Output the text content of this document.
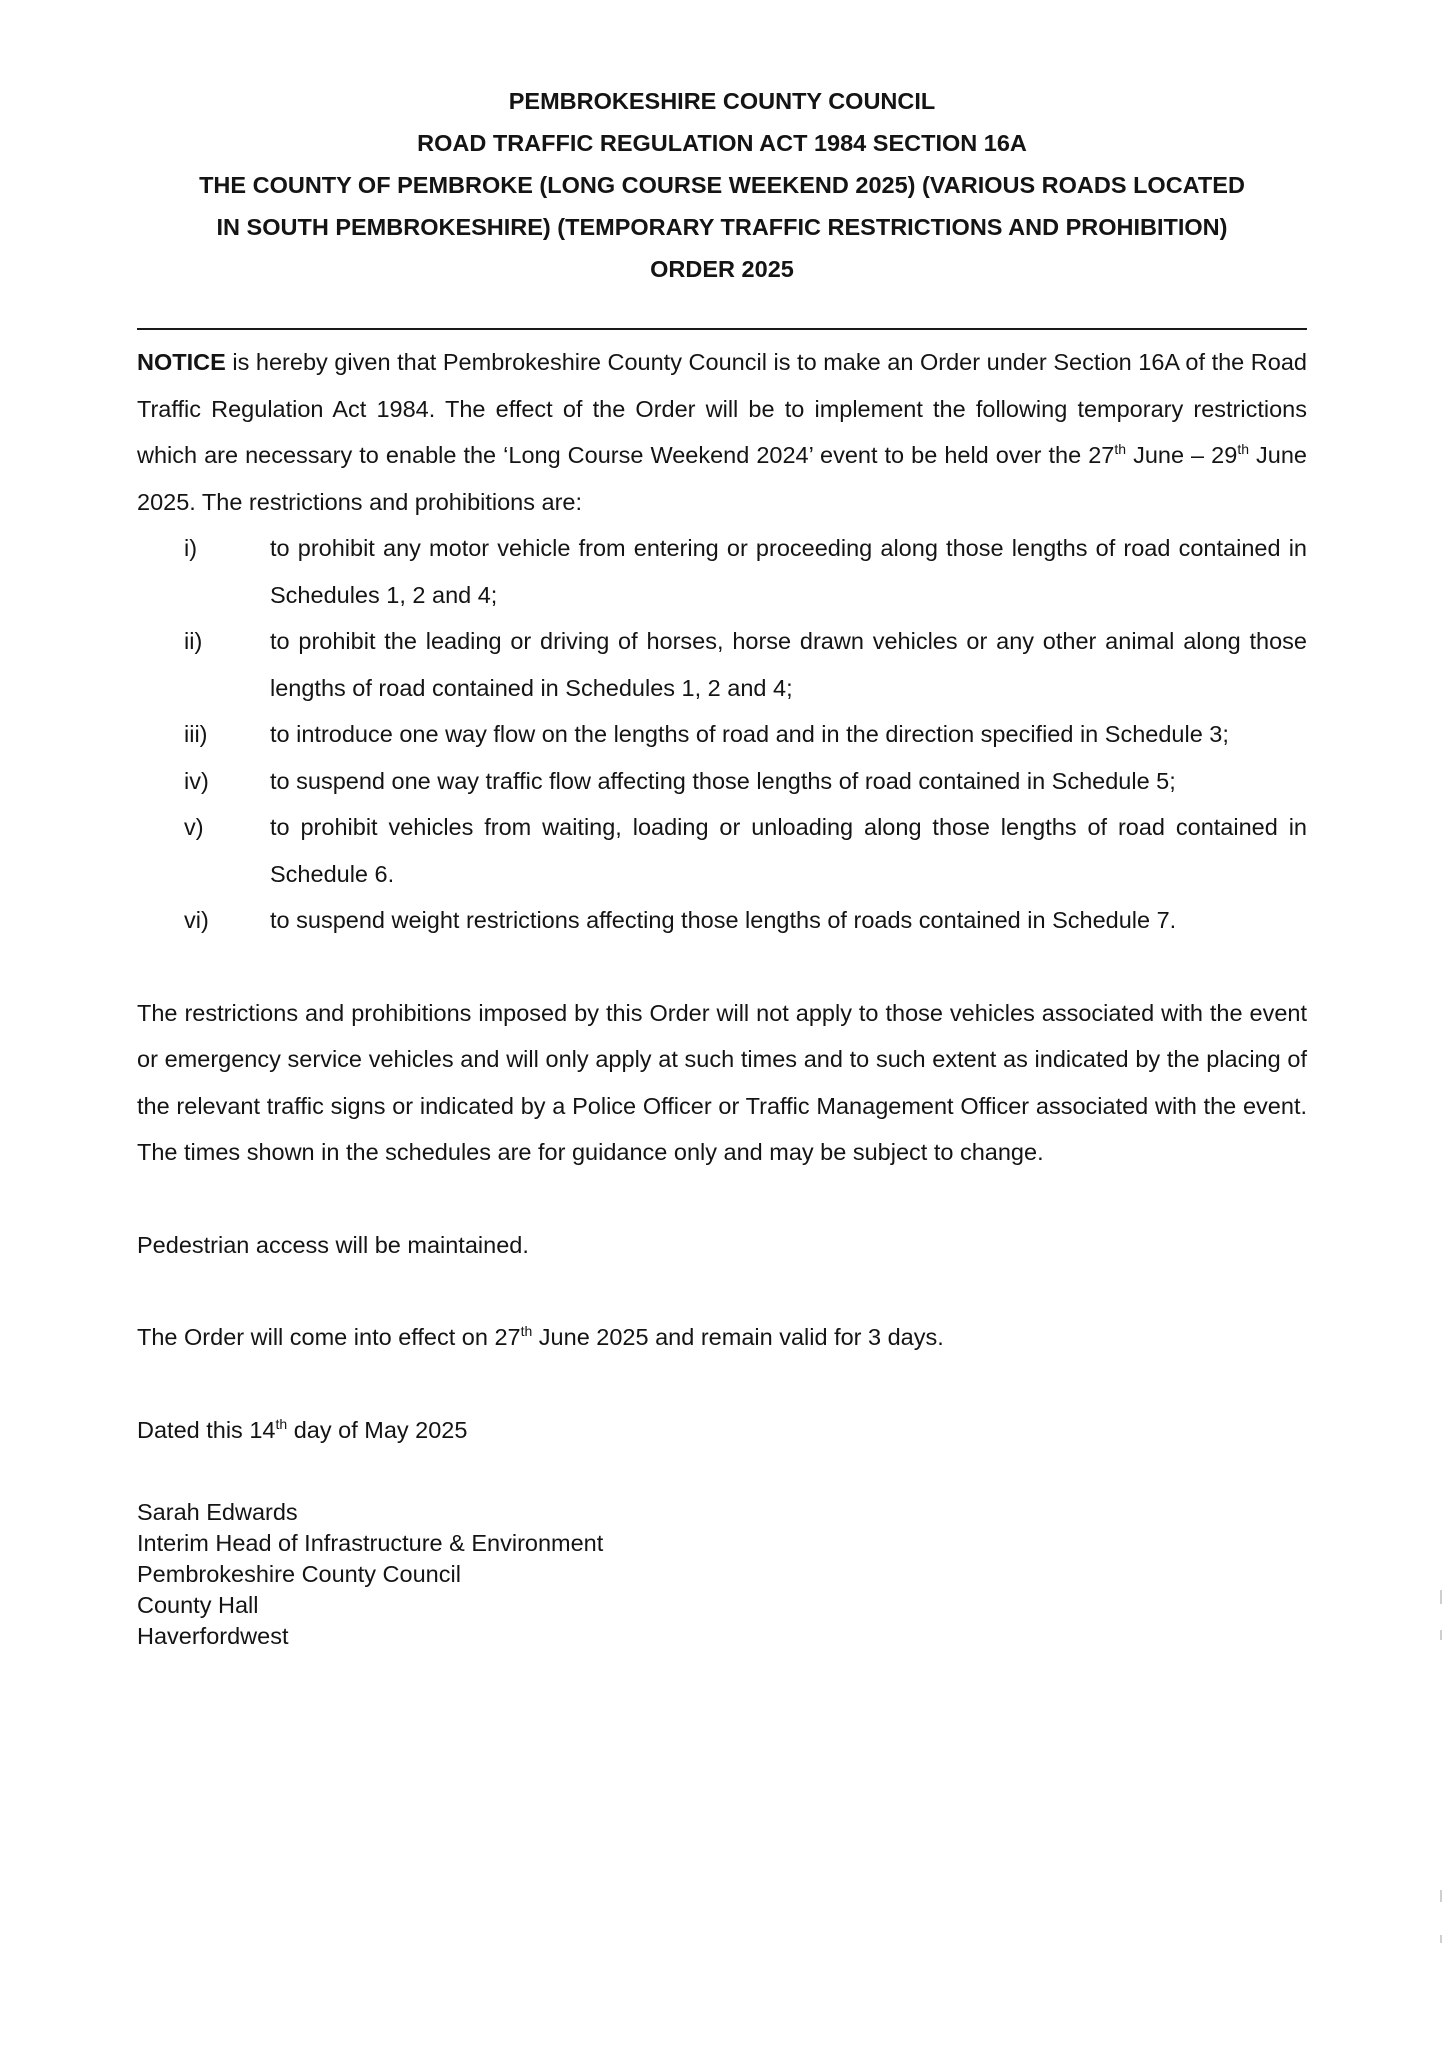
PEMBROKESHIRE COUNTY COUNCIL
ROAD TRAFFIC REGULATION ACT 1984 SECTION 16A
THE COUNTY OF PEMBROKE (LONG COURSE WEEKEND 2025) (VARIOUS ROADS LOCATED
IN SOUTH PEMBROKESHIRE) (TEMPORARY TRAFFIC RESTRICTIONS AND PROHIBITION)
ORDER 2025

NOTICE is hereby given that Pembrokeshire County Council is to make an Order under Section 16A of the Road Traffic Regulation Act 1984. The effect of the Order will be to implement the following temporary restrictions which are necessary to enable the ‘Long Course Weekend 2024’ event to be held over the 27th June – 29th June 2025. The restrictions and prohibitions are:

i)	to prohibit any motor vehicle from entering or proceeding along those lengths of road contained in Schedules 1, 2 and 4;
ii)	to prohibit the leading or driving of horses, horse drawn vehicles or any other animal along those lengths of road contained in Schedules 1, 2 and 4;
iii)	to introduce one way flow on the lengths of road and in the direction specified in Schedule 3;
iv)	to suspend one way traffic flow affecting those lengths of road contained in Schedule 5;
v)	to prohibit vehicles from waiting, loading or unloading along those lengths of road contained in Schedule 6.
vi)	to suspend weight restrictions affecting those lengths of roads contained in Schedule 7.

The restrictions and prohibitions imposed by this Order will not apply to those vehicles associated with the event or emergency service vehicles and will only apply at such times and to such extent as indicated by the placing of the relevant traffic signs or indicated by a Police Officer or Traffic Management Officer associated with the event. The times shown in the schedules are for guidance only and may be subject to change.

Pedestrian access will be maintained.

The Order will come into effect on 27th June 2025 and remain valid for 3 days.

Dated this 14th day of May 2025

Sarah Edwards
Interim Head of Infrastructure & Environment
Pembrokeshire County Council
County Hall
Haverfordwest
